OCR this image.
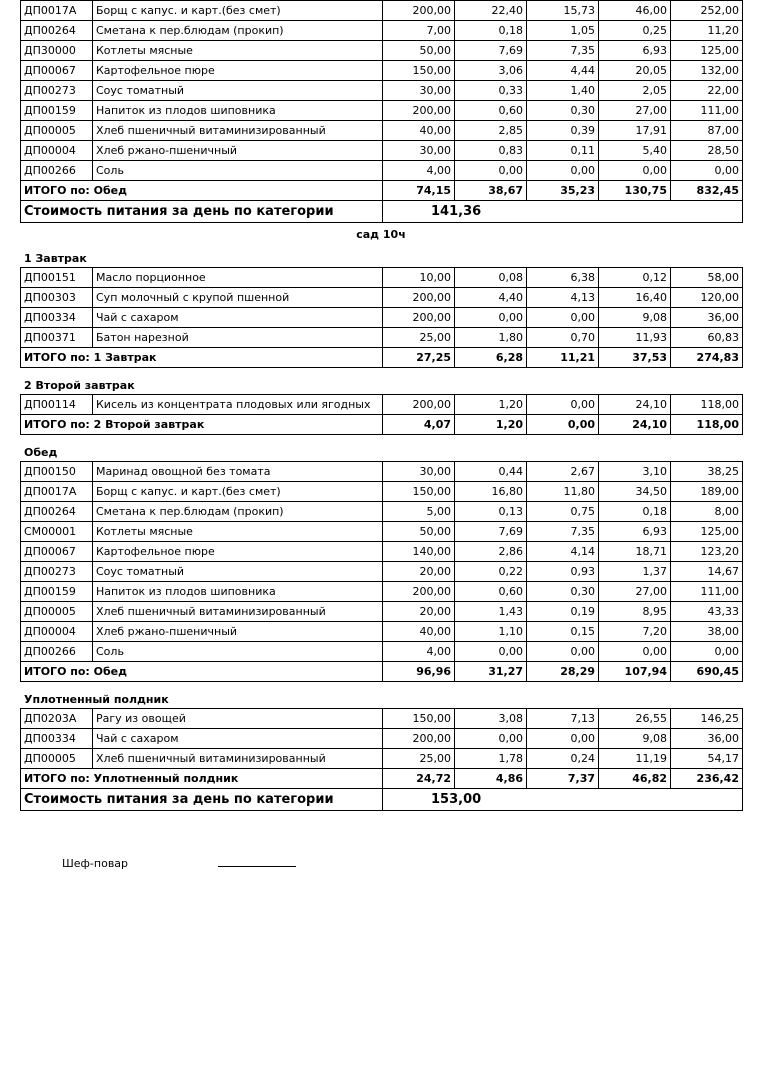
ДП0017А	Борщ с капус. и карт.(без смет)	200,00	22,40	15,73	46,00	252,00
ДП00264	Сметана к пер.блюдам (прокип)	7,00	0,18	1,05	0,25	11,20
ДП30000	Котлеты мясные	50,00	7,69	7,35	6,93	125,00
ДП00067	Картофельное пюре	150,00	3,06	4,44	20,05	132,00
ДП00273	Соус томатный	30,00	0,33	1,40	2,05	22,00
ДП00159	Напиток из плодов шиповника	200,00	0,60	0,30	27,00	111,00
ДП00005	Хлеб пшеничный витаминизированный	40,00	2,85	0,39	17,91	87,00
ДП00004	Хлеб ржано-пшеничный	30,00	0,83	0,11	5,40	28,50
ДП00266	Соль	4,00	0,00	0,00	0,00	0,00
ИТОГО по: Обед		74,15	38,67	35,23	130,75	832,45
Стоимость питания за день по категории		141,36				
сад 10ч
1 Завтрак
ДП00151	Масло порционное	10,00	0,08	6,38	0,12	58,00
ДП00303	Суп молочный с крупой пшенной	200,00	4,40	4,13	16,40	120,00
ДП00334	Чай с сахаром	200,00	0,00	0,00	9,08	36,00
ДП00371	Батон нарезной	25,00	1,80	0,70	11,93	60,83
ИТОГО по: 1 Завтрак		27,25	6,28	11,21	37,53	274,83
2 Второй завтрак
ДП00114	Кисель из концентрата плодовых или ягодных	200,00	1,20	0,00	24,10	118,00
ИТОГО по: 2 Второй завтрак		4,07	1,20	0,00	24,10	118,00
Обед
ДП00150	Маринад овощной без томата	30,00	0,44	2,67	3,10	38,25
ДП0017А	Борщ с капус. и карт.(без смет)	150,00	16,80	11,80	34,50	189,00
ДП00264	Сметана к пер.блюдам (прокип)	5,00	0,13	0,75	0,18	8,00
СМ00001	Котлеты мясные	50,00	7,69	7,35	6,93	125,00
ДП00067	Картофельное пюре	140,00	2,86	4,14	18,71	123,20
ДП00273	Соус томатный	20,00	0,22	0,93	1,37	14,67
ДП00159	Напиток из плодов шиповника	200,00	0,60	0,30	27,00	111,00
ДП00005	Хлеб пшеничный витаминизированный	20,00	1,43	0,19	8,95	43,33
ДП00004	Хлеб ржано-пшеничный	40,00	1,10	0,15	7,20	38,00
ДП00266	Соль	4,00	0,00	0,00	0,00	0,00
ИТОГО по: Обед		96,96	31,27	28,29	107,94	690,45
Уплотненный полдник
ДП0203А	Рагу из овощей	150,00	3,08	7,13	26,55	146,25
ДП00334	Чай с сахаром	200,00	0,00	0,00	9,08	36,00
ДП00005	Хлеб пшеничный витаминизированный	25,00	1,78	0,24	11,19	54,17
ИТОГО по: Уплотненный полдник		24,72	4,86	7,37	46,82	236,42
Стоимость питания за день по категории		153,00				
Шеф-повар
